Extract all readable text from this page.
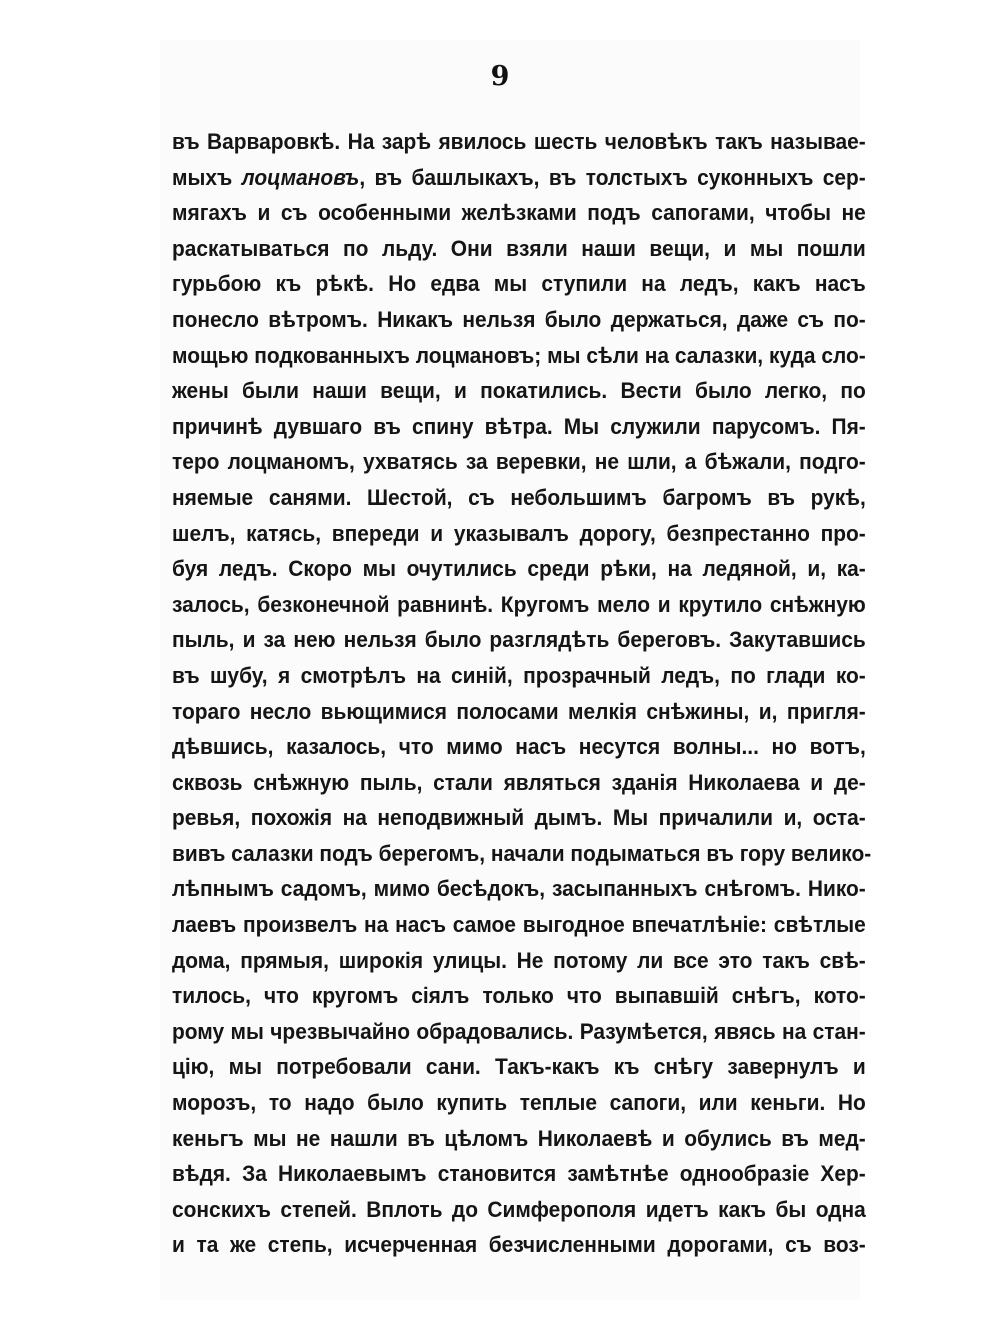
9
въ Варваровкѣ. На зарѣ явилось шесть человѣкъ такъ называе-
мыхъ лоцмановъ, въ башлыкахъ, въ толстыхъ суконныхъ сер-
мягахъ и съ особенными желѣзками подъ сапогами, чтобы не
раскатываться по льду. Они взяли наши вещи, и мы пошли
гурьбою къ рѣкѣ. Но едва мы ступили на ледъ, какъ насъ
понесло вѣтромъ. Никакъ нельзя было держаться, даже съ по-
мощью подкованныхъ лоцмановъ; мы сѣли на салазки, куда сло-
жены были наши вещи, и покатились. Вести было легко, по
причинѣ дувшаго въ спину вѣтра. Мы служили парусомъ. Пя-
теро лоцманомъ, ухватясь за веревки, не шли, а бѣжали, подго-
няемые санями. Шестой, съ небольшимъ багромъ въ рукѣ,
шелъ, катясь, впереди и указывалъ дорогу, безпрестанно про-
буя ледъ. Скоро мы очутились среди рѣки, на ледяной, и, ка-
залось, безконечной равнинѣ. Кругомъ мело и крутило снѣжную
пыль, и за нею нельзя было разглядѣть береговъ. Закутавшись
въ шубу, я смотрѣлъ на синій, прозрачный ледъ, по глади ко-
тораго несло вьющимися полосами мелкія снѣжины, и, пригля-
дѣвшись, казалось, что мимо насъ несутся волны... но вотъ,
сквозь снѣжную пыль, стали являться зданія Николаева и де-
ревья, похожія на неподвижный дымъ. Мы причалили и, оста-
вивъ салазки подъ берегомъ, начали подыматься въ гору велико-
лѣпнымъ садомъ, мимо бесѣдокъ, засыпанныхъ снѣгомъ. Нико-
лаевъ произвелъ на насъ самое выгодное впечатлѣніе: свѣтлые
дома, прямыя, широкія улицы. Не потому ли все это такъ свѣ-
тилось, что кругомъ сіялъ только что выпавшій снѣгъ, кото-
рому мы чрезвычайно обрадовались. Разумѣется, явясь на стан-
цію, мы потребовали сани. Такъ-какъ къ снѣгу завернулъ и
морозъ, то надо было купить теплые сапоги, или кеньги. Но
кеньгъ мы не нашли въ цѣломъ Николаевѣ и обулись въ мед-
вѣдя. За Николаевымъ становится замѣтнѣе однообразіе Хер-
сонскихъ степей. Вплоть до Симферополя идетъ какъ бы одна
и та же степь, исчерченная безчисленными дорогами, съ воз-
